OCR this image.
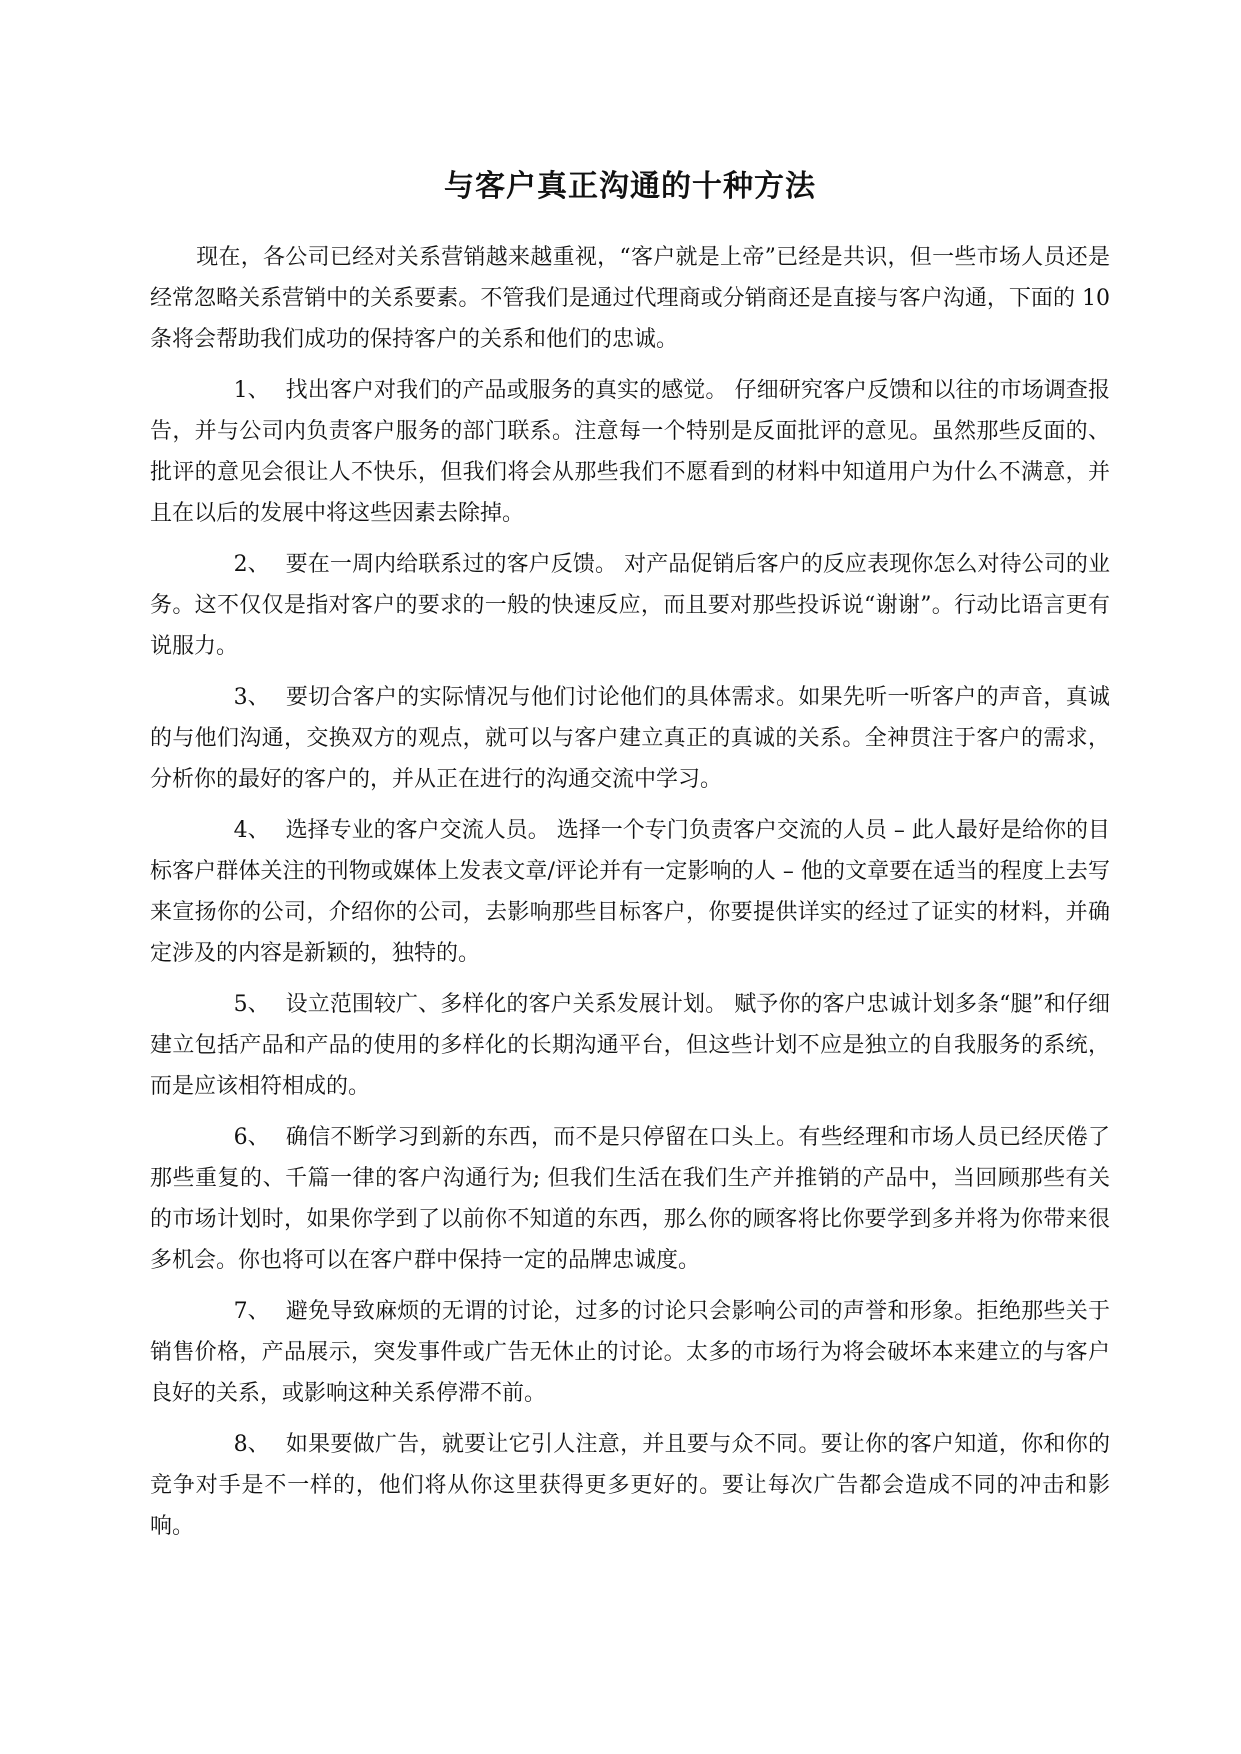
与客户真正沟通的十种方法

现在，各公司已经对关系营销越来越重视，“客户就是上帝”已经是共识，但一些市场人员还是经常忽略关系营销中的关系要素。不管我们是通过代理商或分销商还是直接与客户沟通，下面的 10 条将会帮助我们成功的保持客户的关系和他们的忠诚。

1、 找出客户对我们的产品或服务的真实的感觉。 仔细研究客户反馈和以往的市场调查报告，并与公司内负责客户服务的部门联系。注意每一个特别是反面批评的意见。虽然那些反面的、批评的意见会很让人不快乐，但我们将会从那些我们不愿看到的材料中知道用户为什么不满意，并且在以后的发展中将这些因素去除掉。

2、 要在一周内给联系过的客户反馈。 对产品促销后客户的反应表现你怎么对待公司的业务。这不仅仅是指对客户的要求的一般的快速反应，而且要对那些投诉说“谢谢”。行动比语言更有说服力。

3、 要切合客户的实际情况与他们讨论他们的具体需求。如果先听一听客户的声音，真诚的与他们沟通，交换双方的观点，就可以与客户建立真正的真诚的关系。全神贯注于客户的需求，分析你的最好的客户的，并从正在进行的沟通交流中学习。

4、 选择专业的客户交流人员。 选择一个专门负责客户交流的人员 – 此人最好是给你的目标客户群体关注的刊物或媒体上发表文章/评论并有一定影响的人 – 他的文章要在适当的程度上去写来宣扬你的公司，介绍你的公司，去影响那些目标客户，你要提供详实的经过了证实的材料，并确定涉及的内容是新颖的，独特的。

5、 设立范围较广、多样化的客户关系发展计划。 赋予你的客户忠诚计划多条“腿”和仔细建立包括产品和产品的使用的多样化的长期沟通平台，但这些计划不应是独立的自我服务的系统，而是应该相符相成的。

6、 确信不断学习到新的东西，而不是只停留在口头上。有些经理和市场人员已经厌倦了那些重复的、千篇一律的客户沟通行为; 但我们生活在我们生产并推销的产品中，当回顾那些有关的市场计划时，如果你学到了以前你不知道的东西，那么你的顾客将比你要学到多并将为你带来很多机会。你也将可以在客户群中保持一定的品牌忠诚度。

7、 避免导致麻烦的无谓的讨论，过多的讨论只会影响公司的声誉和形象。拒绝那些关于销售价格，产品展示，突发事件或广告无休止的讨论。太多的市场行为将会破坏本来建立的与客户良好的关系，或影响这种关系停滞不前。

8、 如果要做广告，就要让它引人注意，并且要与众不同。要让你的客户知道，你和你的竞争对手是不一样的，他们将从你这里获得更多更好的。要让每次广告都会造成不同的冲击和影响。
